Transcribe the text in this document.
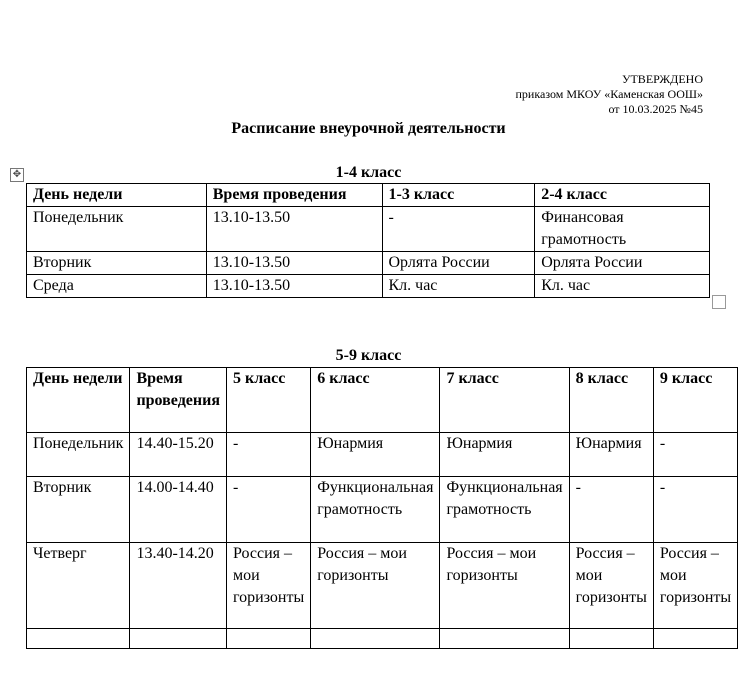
УТВЕРЖДЕНО
приказом МКОУ «Каменская ООШ»
от 10.03.2025 №45
Расписание внеурочной деятельности
✥	1-4 класс
День недели	Время проведения	1-3 класс	2-4 класс
Понедельник	13.10-13.50	-	Финансовая грамотность
Вторник	13.10-13.50	Орлята России	Орлята России
Среда	13.10-13.50	Кл. час	Кл. час
5-9 класс
День недели	Время проведения	5 класс	6 класс	7 класс	8 класс	9 класс
Понедельник	14.40-15.20	-	Юнармия	Юнармия	Юнармия	-
Вторник	14.00-14.40	-	Функциональная грамотность	Функциональная грамотность	-	-
Четверг	13.40-14.20	Россия – мои горизонты	Россия – мои горизонты	Россия – мои горизонты	Россия – мои горизонты	Россия – мои горизонты
